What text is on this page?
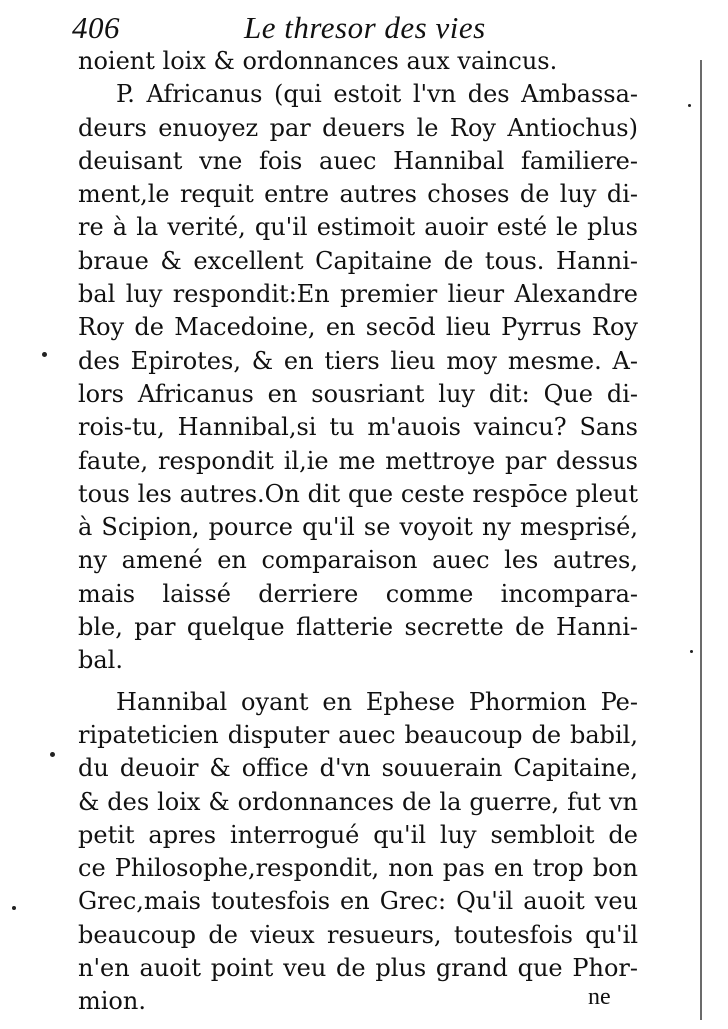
406	Le thresor des vies
noient loix & ordonnances aux vaincus.
P. Africanus (qui estoit l'vn des Ambassa-
deurs enuoyez par deuers le Roy Antiochus)
deuisant vne fois auec Hannibal familiere-
ment,le requit entre autres choses de luy di-
re à la verité, qu'il estimoit auoir esté le plus
braue & excellent Capitaine de tous. Hanni-
bal luy respondit:En premier lieur Alexandre
Roy de Macedoine, en secōd lieu Pyrrus Roy
des Epirotes, & en tiers lieu moy mesme. A-
lors Africanus en sousriant luy dit: Que di-
rois-tu, Hannibal,si tu m'auois vaincu? Sans
faute, respondit il,ie me mettroye par dessus
tous les autres.On dit que ceste respōce pleut
à Scipion, pource qu'il se voyoit ny mesprisé,
ny amené en comparaison auec les autres,
mais laissé derriere comme incompara-
ble, par quelque flatterie secrette de Hanni-
bal.
Hannibal oyant en Ephese Phormion Pe-
ripateticien disputer auec beaucoup de babil,
du deuoir & office d'vn souuerain Capitaine,
& des loix & ordonnances de la guerre, fut vn
petit apres interrogué qu'il luy sembloit de
ce Philosophe,respondit, non pas en trop bon
Grec,mais toutesfois en Grec: Qu'il auoit veu
beaucoup de vieux resueurs, toutesfois qu'il
n'en auoit point veu de plus grand que Phor-
mion.	ne
